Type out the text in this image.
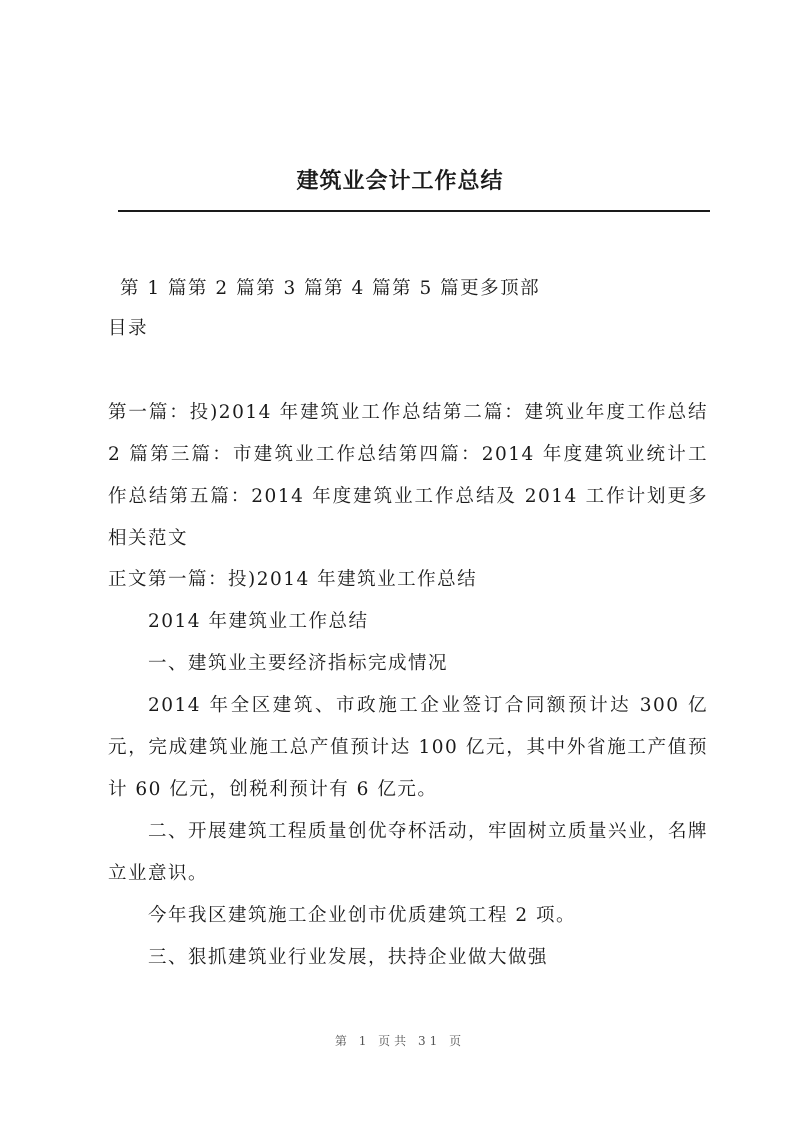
建筑业会计工作总结
第 1 篇第 2 篇第 3 篇第 4 篇第 5 篇更多顶部
目录
第一篇：投)2014 年建筑业工作总结第二篇：建筑业年度工作总结 2 篇第三篇：市建筑业工作总结第四篇：2014 年度建筑业统计工作总结第五篇：2014 年度建筑业工作总结及 2014 工作计划更多相关范文
正文第一篇：投)2014 年建筑业工作总结
2014 年建筑业工作总结
一、建筑业主要经济指标完成情况
2014 年全区建筑、市政施工企业签订合同额预计达 300 亿元，完成建筑业施工总产值预计达 100 亿元，其中外省施工产值预计 60 亿元，创税利预计有 6 亿元。
二、开展建筑工程质量创优夺杯活动，牢固树立质量兴业，名牌立业意识。
今年我区建筑施工企业创市优质建筑工程 2 项。
三、狠抓建筑业行业发展，扶持企业做大做强
第 1 页共 31 页
